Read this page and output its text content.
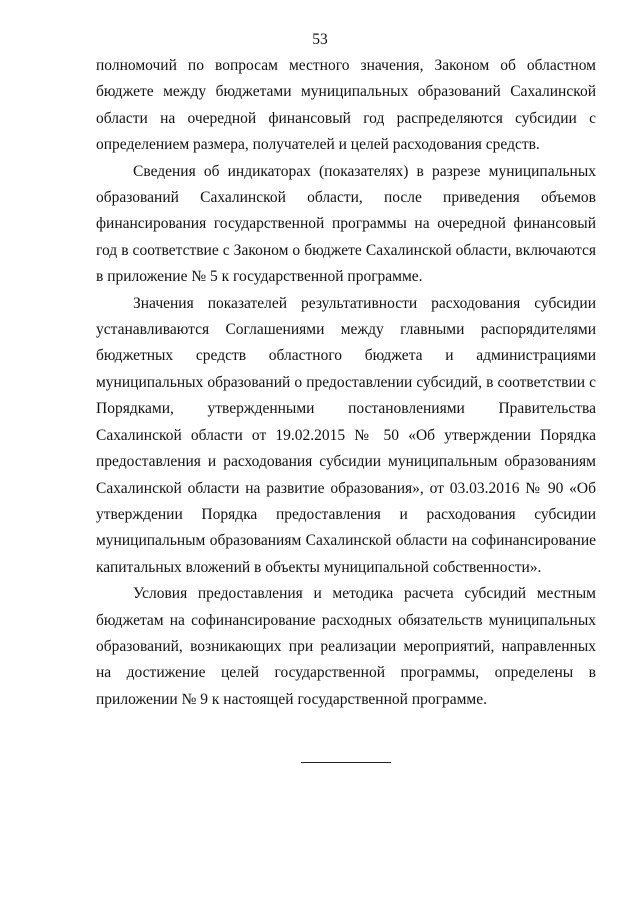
53

полномочий по вопросам местного значения, Законом об областном бюджете между бюджетами муниципальных образований Сахалинской области на очередной финансовый год распределяются субсидии с определением размера, получателей и целей расходования средств.

Сведения об индикаторах (показателях) в разрезе муниципальных образований Сахалинской области, после приведения объемов финансирования государственной программы на очередной финансовый год в соответствие с Законом о бюджете Сахалинской области, включаются в приложение № 5 к государственной программе.

Значения показателей результативности расходования субсидии устанавливаются Соглашениями между главными распорядителями бюджетных средств областного бюджета и администрациями муниципальных образований о предоставлении субсидий, в соответствии с Порядками, утвержденными постановлениями Правительства Сахалинской области от 19.02.2015 № 50 «Об утверждении Порядка предоставления и расходования субсидии муниципальным образованиям Сахалинской области на развитие образования», от 03.03.2016 № 90 «Об утверждении Порядка предоставления и расходования субсидии муниципальным образованиям Сахалинской области на софинансирование капитальных вложений в объекты муниципальной собственности».

Условия предоставления и методика расчета субсидий местным бюджетам на софинансирование расходных обязательств муниципальных образований, возникающих при реализации мероприятий, направленных на достижение целей государственной программы, определены в приложении № 9 к настоящей государственной программе.
